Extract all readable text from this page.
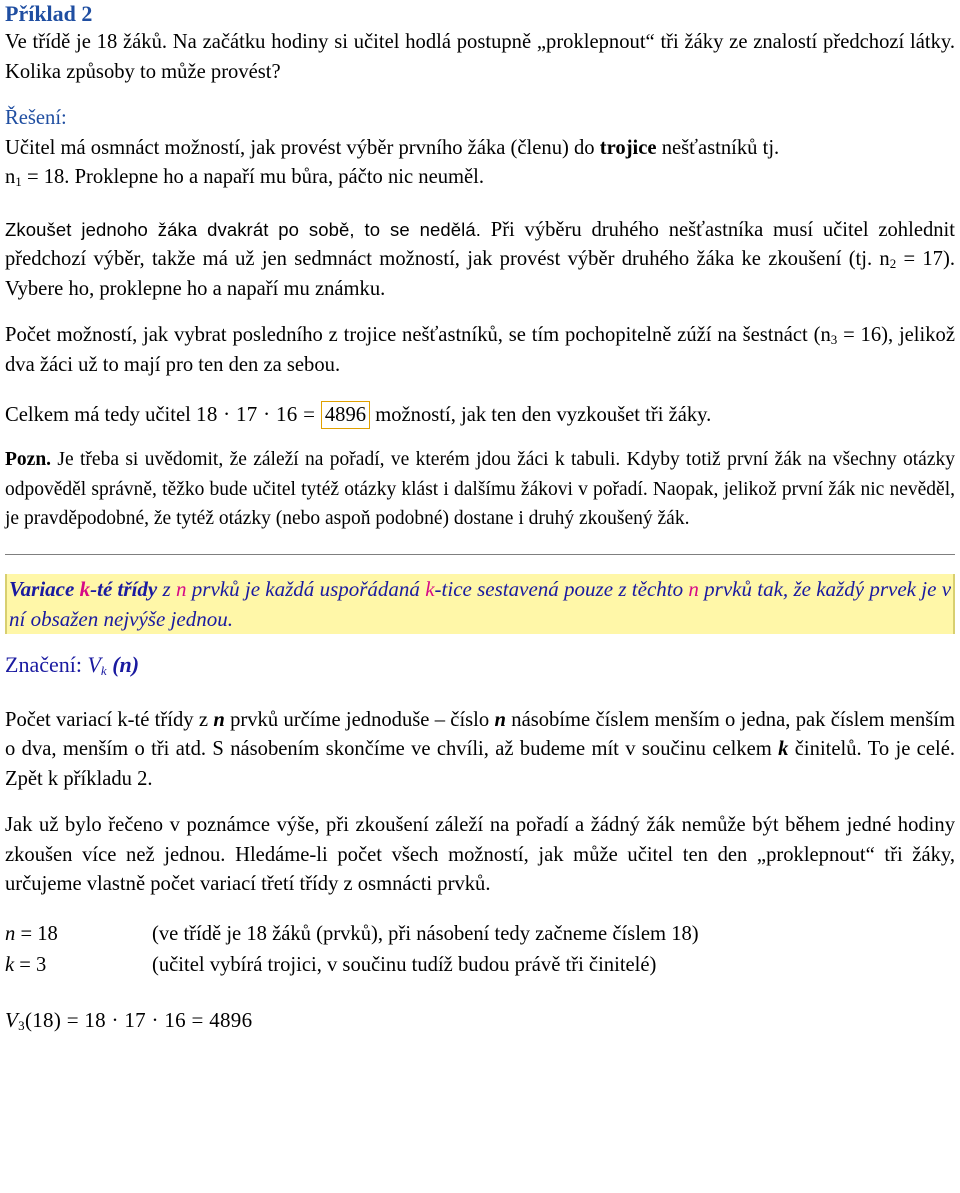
Příklad 2

Ve třídě je 18 žáků. Na začátku hodiny si učitel hodlá postupně „proklepnout“ tři žáky ze znalostí předchozí látky. Kolika způsoby to může provést?

Řešení:

Učitel má osmnáct možností, jak provést výběr prvního žáka (členu) do trojice nešťastníků tj.
$n_1 = 18$. Proklepne ho a napaří mu bůra, páčto nic neuměl.

Zkoušet jednoho žáka dvakrát po sobě, to se nedělá. Při výběru druhého nešťastníka musí učitel zohlednit předchozí výběr, takže má už jen sedmnáct možností, jak provést výběr druhého žáka ke zkoušení (tj. $n_2 = 17$). Vybere ho, proklepne ho a napaří mu známku.

Počet možností, jak vybrat posledního z trojice nešťastníků, se tím pochopitelně zúží na šestnáct $(n_3 = 16)$, jelikož dva žáci už to mají pro ten den za sebou.

Celkem má tedy učitel 18 · 17 · 16 = 4896 možností, jak ten den vyzkoušet tři žáky.

Pozn. Je třeba si uvědomit, že záleží na pořadí, ve kterém jdou žáci k tabuli. Kdyby totiž první žák na všechny otázky odpověděl správně, těžko bude učitel tytéž otázky klást i dalšímu žákovi v pořadí. Naopak, jelikož první žák nic nevěděl, je pravděpodobné, že tytéž otázky (nebo aspoň podobné) dostane i druhý zkoušený žák.

Variace k-té třídy z n prvků je každá uspořádaná k-tice sestavená pouze z těchto n prvků tak, že každý prvek je v ní obsažen nejvýše jednou.

Značení: $V_k$ (n)

Počet variací k-té třídy z n prvků určíme jednoduše – číslo n násobíme číslem menším o jedna, pak číslem menším o dva, menším o tři atd. S násobením skončíme ve chvíli, až budeme mít v součinu celkem k činitelů. To je celé. Zpět k příkladu 2.

Jak už bylo řečeno v poznámce výše, při zkoušení záleží na pořadí a žádný žák nemůže být během jedné hodiny zkoušen více než jednou. Hledáme-li počet všech možností, jak může učitel ten den „proklepnout“ tři žáky, určujeme vlastně počet variací třetí třídy z osmnácti prvků.

n = 18	(ve třídě je 18 žáků (prvků), při násobení tedy začneme číslem 18)
k = 3	(učitel vybírá trojici, v součinu tudíž budou právě tři činitelé)

$V_3(18) = 18 \cdot 17 \cdot 16 = 4896$
